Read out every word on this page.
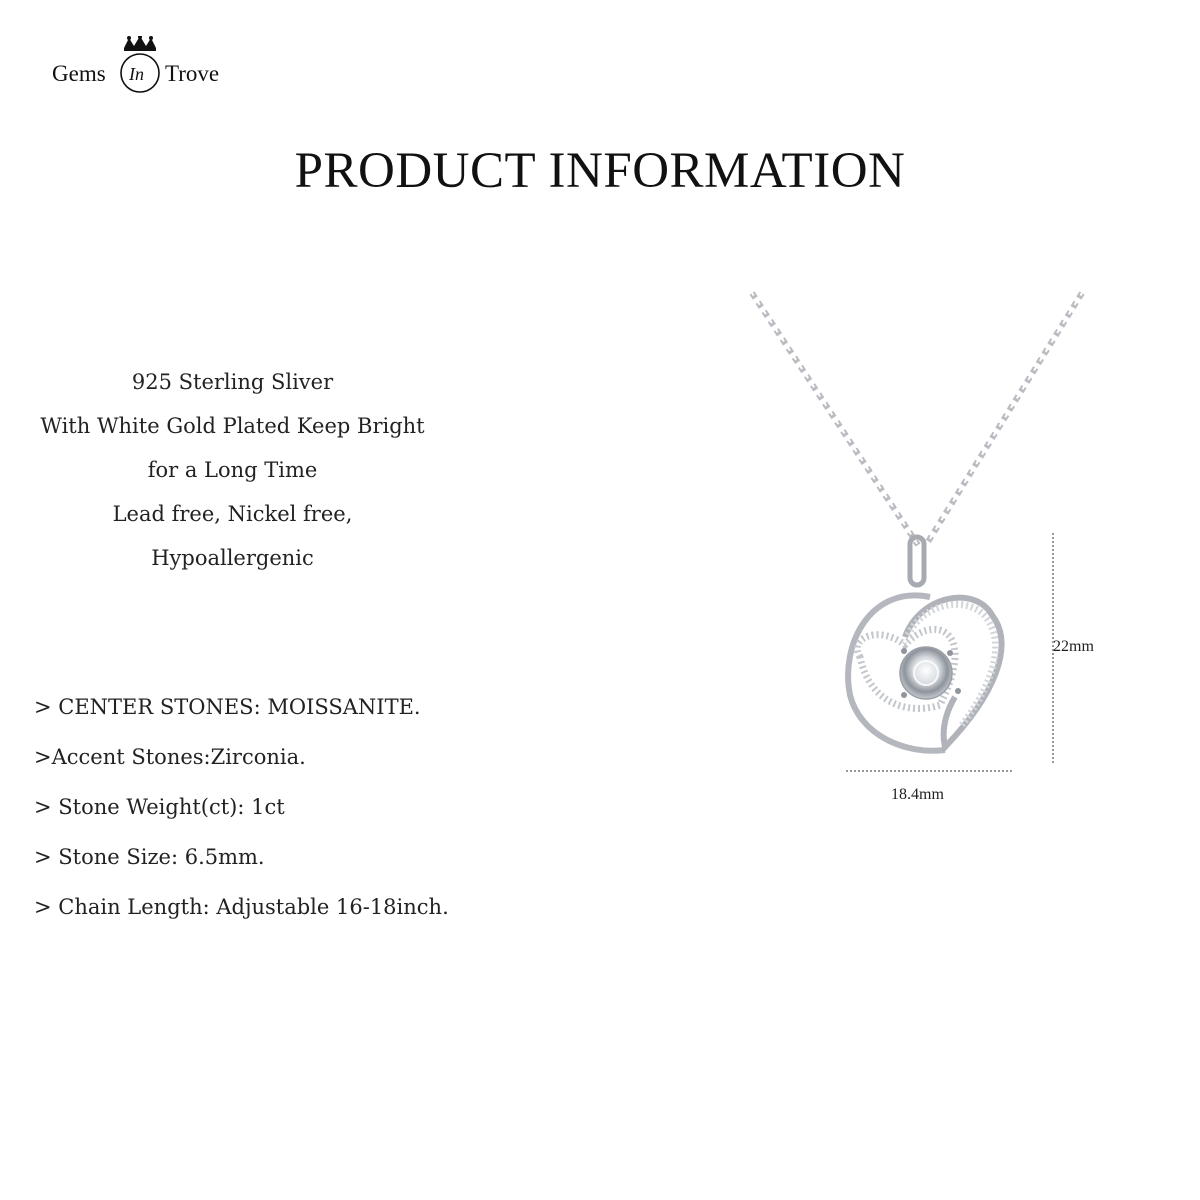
Gems In Trove
PRODUCT INFORMATION
925 Sterling Sliver
With White Gold Plated Keep Bright
for a Long Time
Lead free, Nickel free,
Hypoallergenic
> CENTER STONES: MOISSANITE.
>Accent Stones:Zirconia.
> Stone Weight(ct): 1ct
> Stone Size: 6.5mm.
> Chain Length: Adjustable 16-18inch.
22mm
18.4mm
